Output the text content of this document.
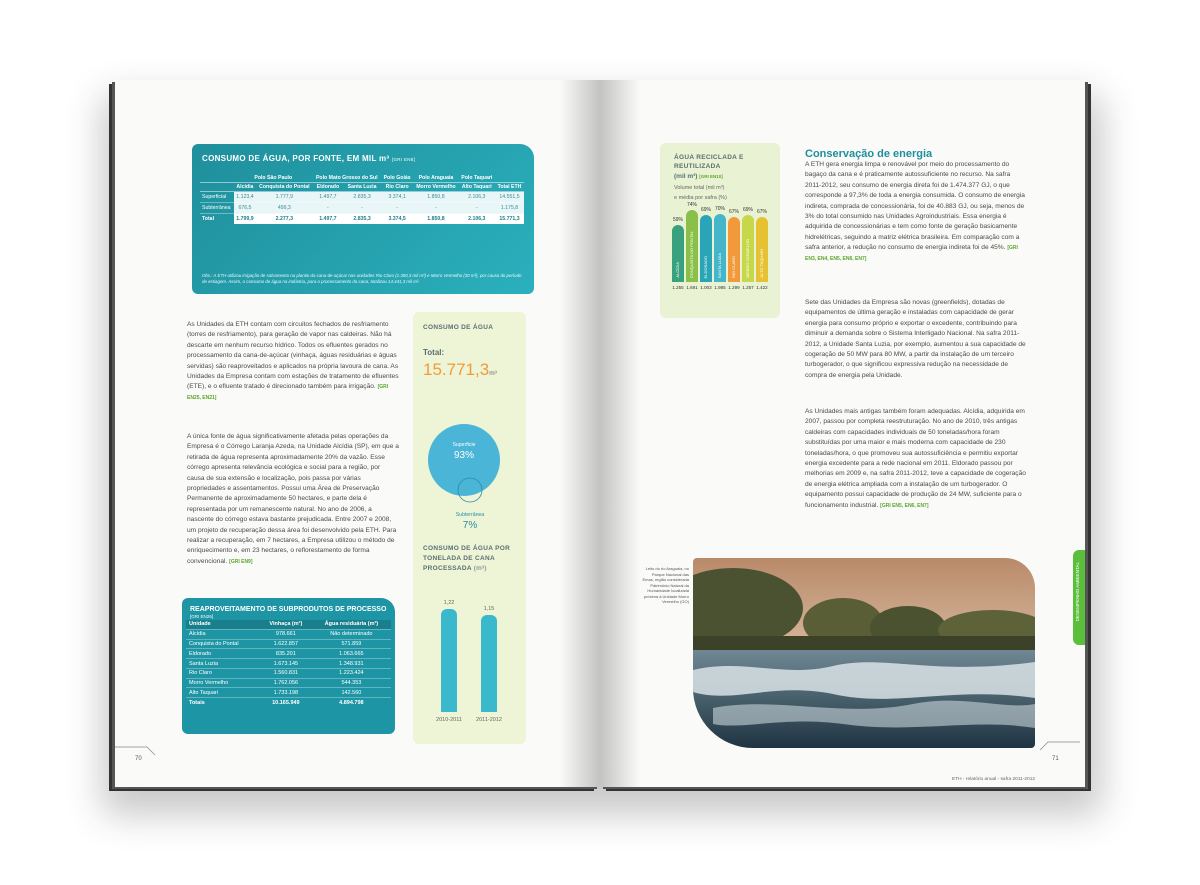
CONSUMO DE ÁGUA, POR FONTE, EM MIL m³ [GRI EN8]
	Polo São Paulo		Polo Mato Grosso do Sul		Polo Goiás	Polo Araguaia	Polo Taquari	
	Alcídia	Conquista do Pontal	Eldorado	Santa Luzia	Rio Claro	Morro Vermelho	Alto Taquari	Total ETH
Superficial	1.123,4	1.777,9	1.497,7	2.835,3	3.374,1	1.850,8	2.106,3	14.551,5
Subterrânea	676,5	499,3	-	-	-	-	-	1.175,8
Total	1.799,9	2.277,3	1.497,7	2.835,3	3.374,5	1.850,8	2.106,3	15.771,3
Obs.: A ETH utilizou irrigação de salvamento na plantio da cana-de-açúcar nas unidades Rio Claro (1.300,3 mil m³) e Morro Vermelho (30 m³), por causa do período de estiagem. Assim, o consumo de água na indústria, para o processamento da cana, totalizou 14.441,3 mil m³.
As Unidades da ETH contam com circuitos fechados de resfriamento (torres de resfriamento), para geração de vapor nas caldeiras. Não há descarte em nenhum recurso hídrico. Todos os efluentes gerados no processamento da cana-de-açúcar (vinhaça, águas residuárias e águas servidas) são reaproveitados e aplicados na própria lavoura de cana. As Unidades da Empresa contam com estações de tratamento de efluentes (ETE), e o efluente tratado é direcionado também para irrigação. [GRI EN25, EN21]
A única fonte de água significativamente afetada pelas operações da Empresa é o Córrego Laranja Azeda, na Unidade Alcídia (SP), em que a retirada de água representa aproximadamente 20% da vazão. Esse córrego apresenta relevância ecológica e social para a região, por causa de sua extensão e localização, pois passa por várias propriedades e assentamentos. Possui uma Área de Preservação Permanente de aproximadamente 50 hectares, e parte dela é representada por um remanescente natural. No ano de 2006, a nascente do córrego estava bastante prejudicada. Entre 2007 e 2008, um projeto de recuperação dessa área foi desenvolvido pela ETH. Para realizar a recuperação, em 7 hectares, a Empresa utilizou o método de enriquecimento e, em 23 hectares, o reflorestamento de forma convencional. [GRI EN9]
CONSUMO DE ÁGUA
Total:
15.771,3m³
Superficie
93%
Subterrânea
7%
CONSUMO DE ÁGUA POR TONELADA DE CANA PROCESSADA (m³)
1,22
2010-2011
1,15
2011-2012
REAPROVEITAMENTO DE SUBPRODUTOS DE PROCESSO [GRI EN26]
Unidade	Vinhaça (m³)	Água residuária (m³)
Alcídia	978.661	Não determinado
Conquista do Pontal	1.622.857	571.859
Eldorado	835.201	1.063.665
Santa Luzia	1.673.145	1.348.931
Rio Claro	1.560.831	1.223.424
Morro Vermelho	1.762.056	544.353
Alto Taquari	1.733.198	142.560
Totais	10.165.949	4.894.798
70
ÁGUA RECICLADA E REUTILIZADA
(mil m³) [GRI EN10]
Volume total (mil m³)
e média por safra (%)
ALCÍDIA
59%
1.255
CONQUISTA DO PONTAL
74%
1.691
ELDORADO
69%
1.003
SANTA LUZIA
70%
1.985
RIO CLARO
67%
1.299
MORRO VERMELHO
69%
1.257
ALTO TAQUARI
67%
1.422
Conservação de energia
A ETH gera energia limpa e renovável por meio do processamento do bagaço da cana e é praticamente autossuficiente no recurso. Na safra 2011-2012, seu consumo de energia direta foi de 1.474.377 GJ, o que corresponde a 97,3% de toda a energia consumida. O consumo de energia indireta, comprada de concessionária, foi de 40.883 GJ, ou seja, menos de 3% do total consumido nas Unidades Agroindustriais. Essa energia é adquirida de concessionárias e tem como fonte de geração basicamente hidrelétricas, seguindo a matriz elétrica brasileira. Em comparação com a safra anterior, a redução no consumo de energia indireta foi de 45%. [GRI EN3, EN4, EN5, EN6, EN7]
Sete das Unidades da Empresa são novas (greenfields), dotadas de equipamentos de última geração e instaladas com capacidade de gerar energia para consumo próprio e exportar o excedente, contribuindo para diminuir a demanda sobre o Sistema Interligado Nacional. Na safra 2011-2012, a Unidade Santa Luzia, por exemplo, aumentou a sua capacidade de cogeração de 50 MW para 80 MW, a partir da instalação de um terceiro turbogerador, o que significou expressiva redução na necessidade de compra de energia pela Unidade.
As Unidades mais antigas também foram adequadas. Alcídia, adquirida em 2007, passou por completa reestruturação. No ano de 2010, três antigas caldeiras com capacidades individuais de 50 toneladas/hora foram substituídas por uma maior e mais moderna com capacidade de 230 toneladas/hora, o que promoveu sua autossuficiência e permitiu exportar energia excedente para a rede nacional em 2011. Eldorado passou por melhorias em 2009 e, na safra 2011-2012, teve a capacidade de cogeração de energia elétrica ampliada com a instalação de um turbogerador. O equipamento possui capacidade de produção de 24 MW, suficiente para o funcionamento industrial. [GRI EN5, EN6, EN7]
Leito do rio Araguaia, no Parque Nacional das Emas, região considerada Patrimônio Natural da Humanidade localizada próxima à Unidade Morro Vermelho (GO)	DESEMPENHO AMBIENTAL
ETH - relatório anual - safra 2011-2012
71
